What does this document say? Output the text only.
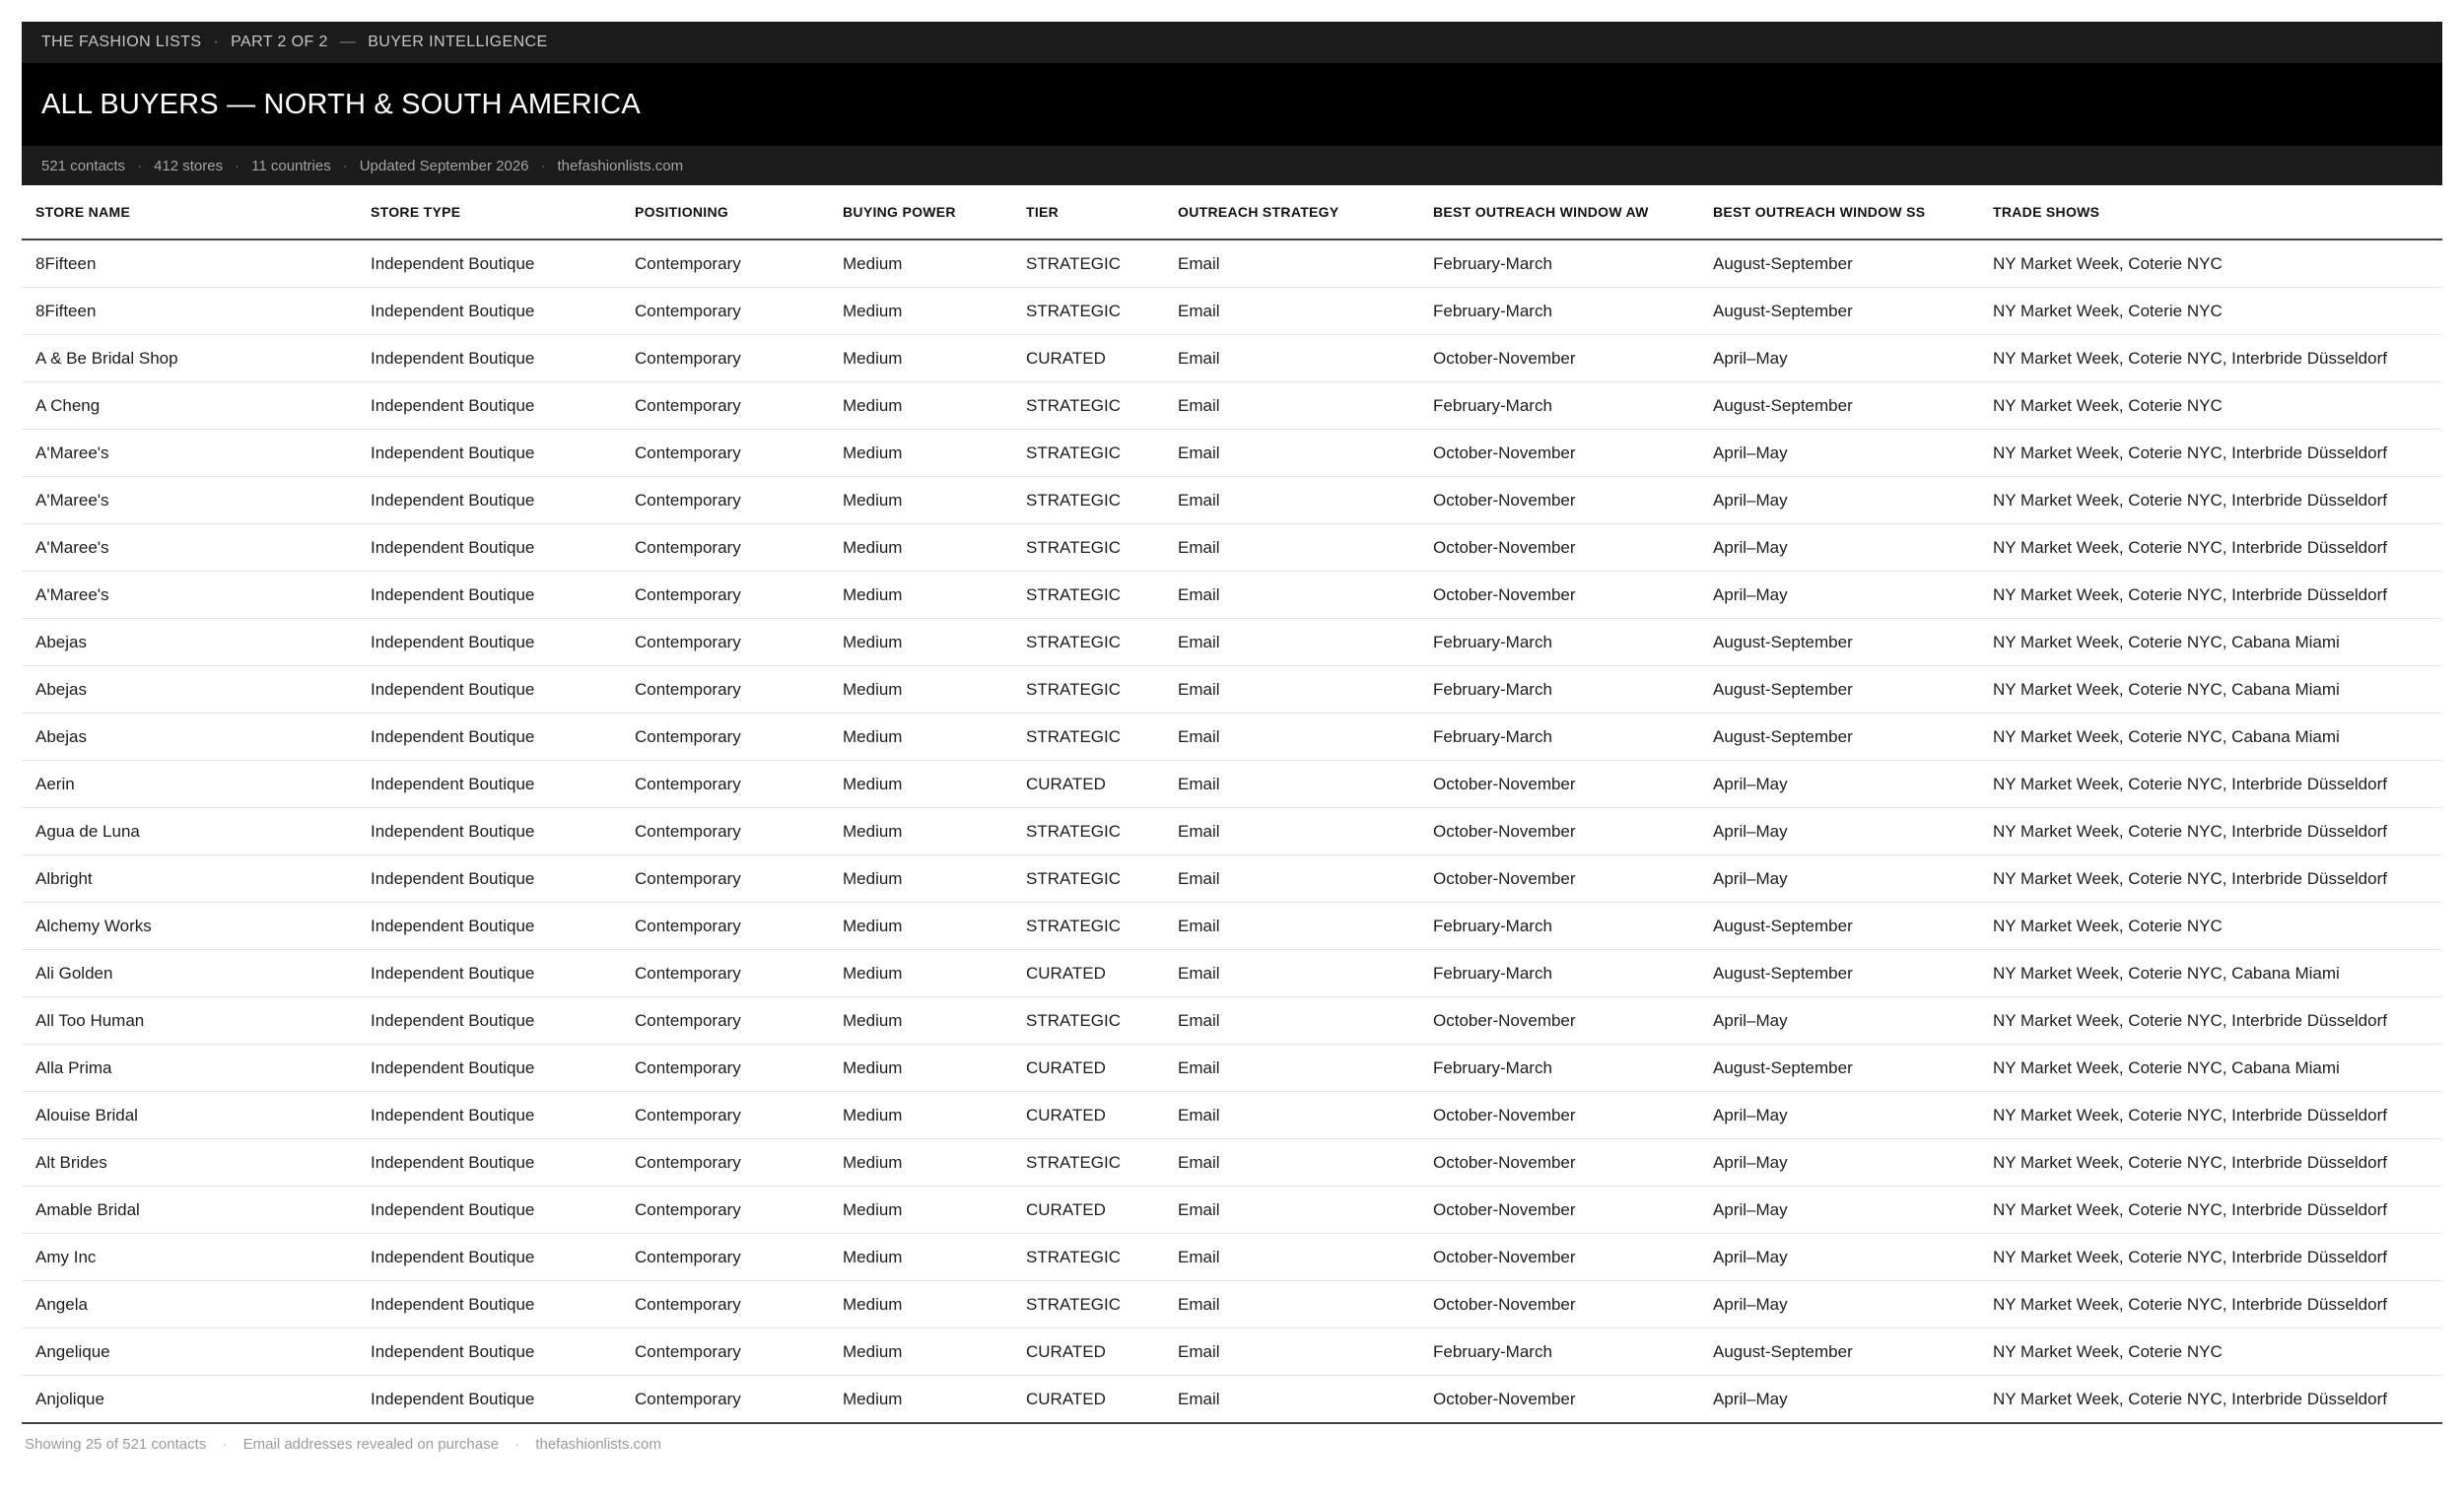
THE FASHION LISTS · PART 2 OF 2 — BUYER INTELLIGENCE
ALL BUYERS — NORTH & SOUTH AMERICA
521 contacts · 412 stores · 11 countries · Updated September 2026 · thefashionlists.com
STORE NAME	STORE TYPE	POSITIONING	BUYING POWER	TIER	OUTREACH STRATEGY	BEST OUTREACH WINDOW AW	BEST OUTREACH WINDOW SS	TRADE SHOWS
8Fifteen	Independent Boutique	Contemporary	Medium	STRATEGIC	Email	February-March	August-September	NY Market Week, Coterie NYC
8Fifteen	Independent Boutique	Contemporary	Medium	STRATEGIC	Email	February-March	August-September	NY Market Week, Coterie NYC
A & Be Bridal Shop	Independent Boutique	Contemporary	Medium	CURATED	Email	October-November	April–May	NY Market Week, Coterie NYC, Interbride Düsseldorf
A Cheng	Independent Boutique	Contemporary	Medium	STRATEGIC	Email	February-March	August-September	NY Market Week, Coterie NYC
A'Maree's	Independent Boutique	Contemporary	Medium	STRATEGIC	Email	October-November	April–May	NY Market Week, Coterie NYC, Interbride Düsseldorf
A'Maree's	Independent Boutique	Contemporary	Medium	STRATEGIC	Email	October-November	April–May	NY Market Week, Coterie NYC, Interbride Düsseldorf
A'Maree's	Independent Boutique	Contemporary	Medium	STRATEGIC	Email	October-November	April–May	NY Market Week, Coterie NYC, Interbride Düsseldorf
A'Maree's	Independent Boutique	Contemporary	Medium	STRATEGIC	Email	October-November	April–May	NY Market Week, Coterie NYC, Interbride Düsseldorf
Abejas	Independent Boutique	Contemporary	Medium	STRATEGIC	Email	February-March	August-September	NY Market Week, Coterie NYC, Cabana Miami
Abejas	Independent Boutique	Contemporary	Medium	STRATEGIC	Email	February-March	August-September	NY Market Week, Coterie NYC, Cabana Miami
Abejas	Independent Boutique	Contemporary	Medium	STRATEGIC	Email	February-March	August-September	NY Market Week, Coterie NYC, Cabana Miami
Aerin	Independent Boutique	Contemporary	Medium	CURATED	Email	October-November	April–May	NY Market Week, Coterie NYC, Interbride Düsseldorf
Agua de Luna	Independent Boutique	Contemporary	Medium	STRATEGIC	Email	October-November	April–May	NY Market Week, Coterie NYC, Interbride Düsseldorf
Albright	Independent Boutique	Contemporary	Medium	STRATEGIC	Email	October-November	April–May	NY Market Week, Coterie NYC, Interbride Düsseldorf
Alchemy Works	Independent Boutique	Contemporary	Medium	STRATEGIC	Email	February-March	August-September	NY Market Week, Coterie NYC
Ali Golden	Independent Boutique	Contemporary	Medium	CURATED	Email	February-March	August-September	NY Market Week, Coterie NYC, Cabana Miami
All Too Human	Independent Boutique	Contemporary	Medium	STRATEGIC	Email	October-November	April–May	NY Market Week, Coterie NYC, Interbride Düsseldorf
Alla Prima	Independent Boutique	Contemporary	Medium	CURATED	Email	February-March	August-September	NY Market Week, Coterie NYC, Cabana Miami
Alouise Bridal	Independent Boutique	Contemporary	Medium	CURATED	Email	October-November	April–May	NY Market Week, Coterie NYC, Interbride Düsseldorf
Alt Brides	Independent Boutique	Contemporary	Medium	STRATEGIC	Email	October-November	April–May	NY Market Week, Coterie NYC, Interbride Düsseldorf
Amable Bridal	Independent Boutique	Contemporary	Medium	CURATED	Email	October-November	April–May	NY Market Week, Coterie NYC, Interbride Düsseldorf
Amy Inc	Independent Boutique	Contemporary	Medium	STRATEGIC	Email	October-November	April–May	NY Market Week, Coterie NYC, Interbride Düsseldorf
Angela	Independent Boutique	Contemporary	Medium	STRATEGIC	Email	October-November	April–May	NY Market Week, Coterie NYC, Interbride Düsseldorf
Angelique	Independent Boutique	Contemporary	Medium	CURATED	Email	February-March	August-September	NY Market Week, Coterie NYC
Anjolique	Independent Boutique	Contemporary	Medium	CURATED	Email	October-November	April–May	NY Market Week, Coterie NYC, Interbride Düsseldorf
Showing 25 of 521 contacts · Email addresses revealed on purchase · thefashionlists.com
